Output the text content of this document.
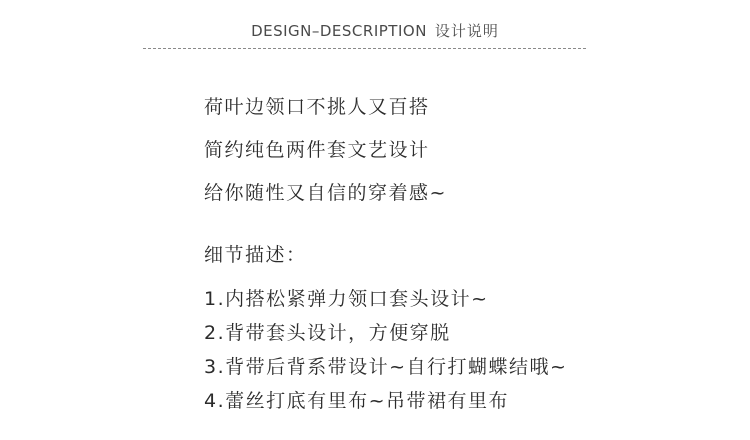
DESIGN–DESCRIPTION 设计说明
荷叶边领口不挑人又百搭
简约纯色两件套文艺设计
给你随性又自信的穿着感~
细节描述：
1.内搭松紧弹力领口套头设计~
2.背带套头设计，方便穿脱
3.背带后背系带设计~自行打蝴蝶结哦~
4.蕾丝打底有里布~吊带裙有里布
